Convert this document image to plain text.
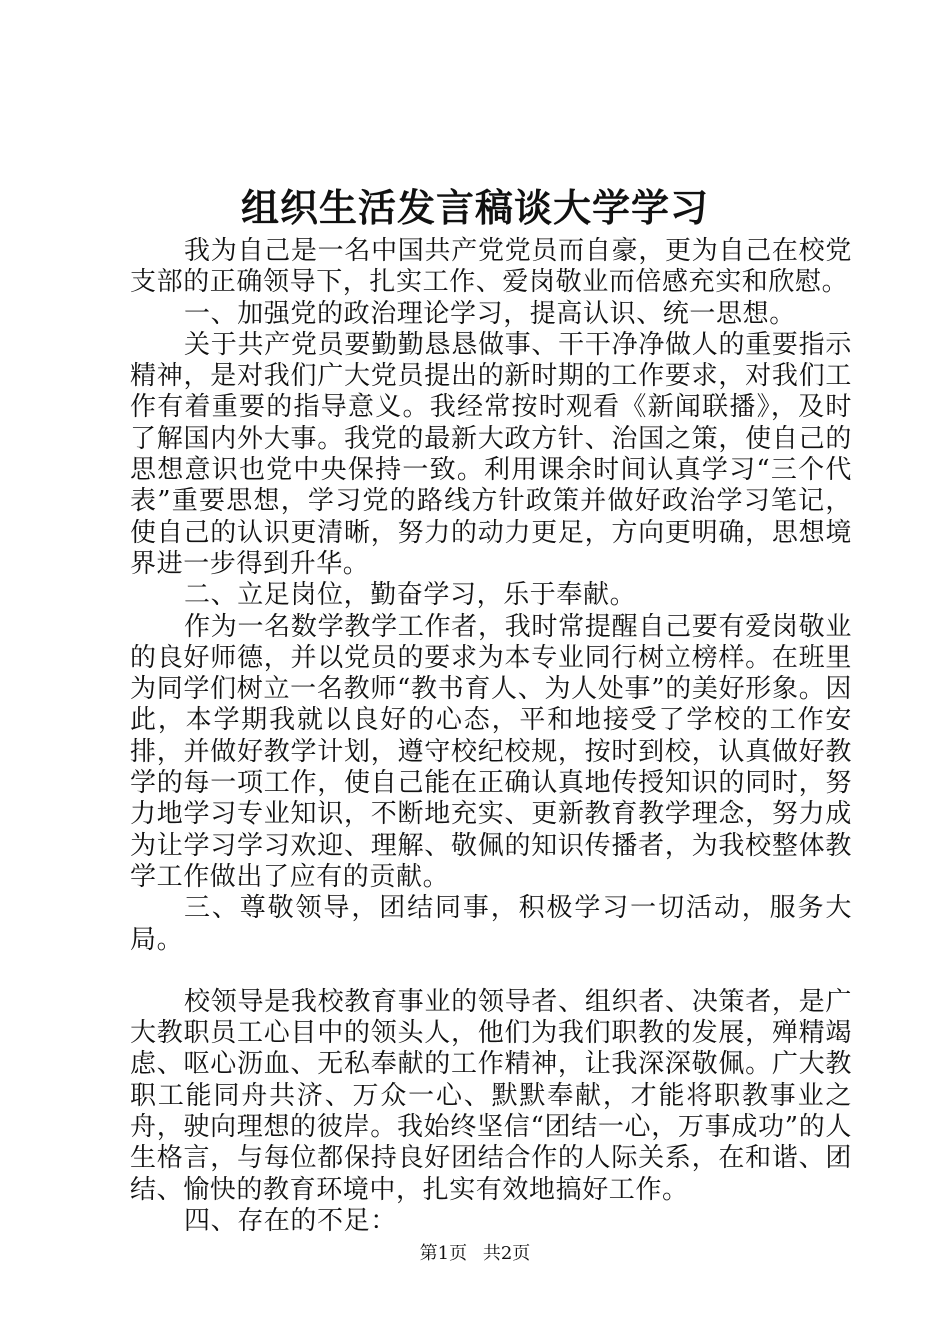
组织生活发言稿谈大学学习

我为自己是一名中国共产党党员而自豪，更为自己在校党支部的正确领导下，扎实工作、爱岗敬业而倍感充实和欣慰。

一、加强党的政治理论学习，提高认识、统一思想。

关于共产党员要勤勤恳恳做事、干干净净做人的重要指示精神，是对我们广大党员提出的新时期的工作要求，对我们工作有着重要的指导意义。我经常按时观看《新闻联播》，及时了解国内外大事。我党的最新大政方针、治国之策，使自己的思想意识也党中央保持一致。利用课余时间认真学习“三个代表”重要思想，学习党的路线方针政策并做好政治学习笔记，使自己的认识更清晰，努力的动力更足，方向更明确，思想境界进一步得到升华。

二、立足岗位，勤奋学习，乐于奉献。

作为一名数学教学工作者，我时常提醒自己要有爱岗敬业的良好师德，并以党员的要求为本专业同行树立榜样。在班里为同学们树立一名教师“教书育人、为人处事”的美好形象。因此，本学期我就以良好的心态，平和地接受了学校的工作安排，并做好教学计划，遵守校纪校规，按时到校，认真做好教学的每一项工作，使自己能在正确认真地传授知识的同时，努力地学习专业知识，不断地充实、更新教育教学理念，努力成为让学习学习欢迎、理解、敬佩的知识传播者，为我校整体教学工作做出了应有的贡献。

三、尊敬领导，团结同事，积极学习一切活动，服务大局。

校领导是我校教育事业的领导者、组织者、决策者，是广大教职员工心目中的领头人，他们为我们职教的发展，殚精竭虑、呕心沥血、无私奉献的工作精神，让我深深敬佩。广大教职工能同舟共济、万众一心、默默奉献，才能将职教事业之舟，驶向理想的彼岸。我始终坚信“团结一心，万事成功”的人生格言，与每位都保持良好团结合作的人际关系，在和谐、团结、愉快的教育环境中，扎实有效地搞好工作。

四、存在的不足：

第1页 共2页
